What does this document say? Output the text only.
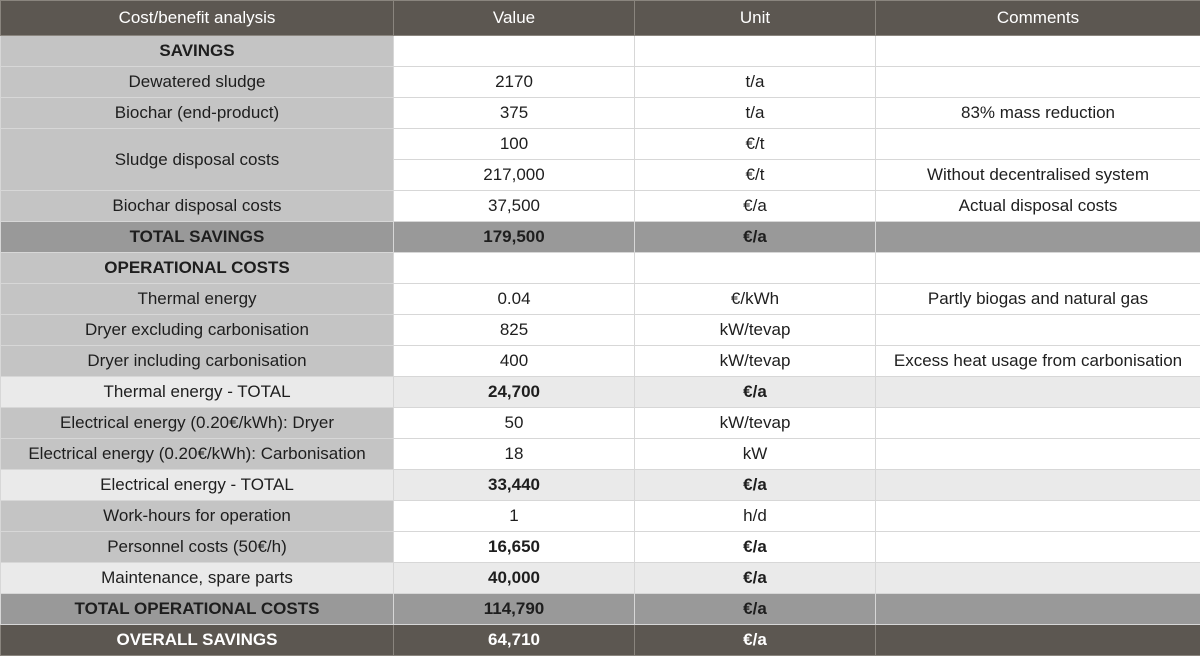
Cost/benefit analysis	Value	Unit	Comments
SAVINGS			
Dewatered sludge	2170	t/a	
Biochar (end-product)	375	t/a	83% mass reduction
Sludge disposal costs	100	€/t	
	217,000	€/t	Without decentralised system
Biochar disposal costs	37,500	€/a	Actual disposal costs
TOTAL SAVINGS	179,500	€/a	
OPERATIONAL COSTS			
Thermal energy	0.04	€/kWh	Partly biogas and natural gas
Dryer excluding carbonisation	825	kW/tevap	
Dryer including carbonisation	400	kW/tevap	Excess heat usage from carbonisation
Thermal energy - TOTAL	24,700	€/a	
Electrical energy (0.20€/kWh): Dryer	50	kW/tevap	
Electrical energy (0.20€/kWh): Carbonisation	18	kW	
Electrical energy - TOTAL	33,440	€/a	
Work-hours for operation	1	h/d	
Personnel costs (50€/h)	16,650	€/a	
Maintenance, spare parts	40,000	€/a	
TOTAL OPERATIONAL COSTS	114,790	€/a	
OVERALL SAVINGS	64,710	€/a	
